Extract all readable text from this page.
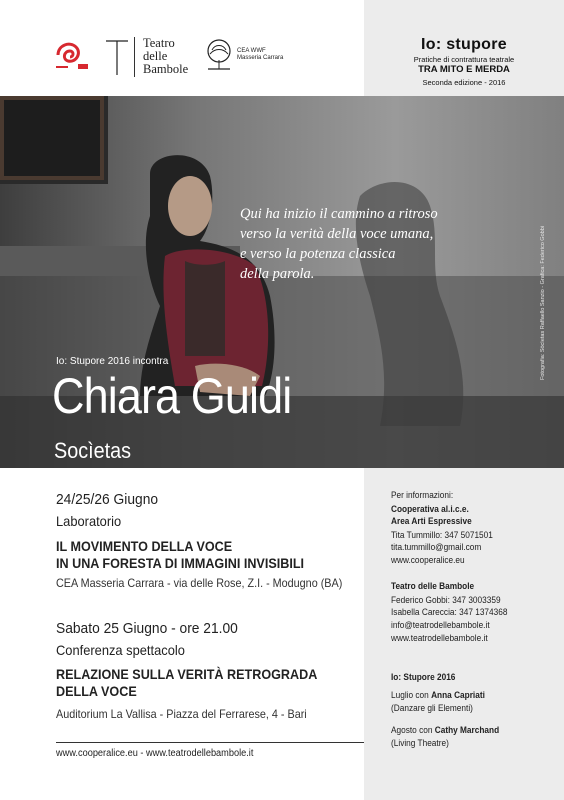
Teatro
delle
Bambole
CEA WWF
Masseria Carrara
Io: stupore
Pratiche di contrattura teatrale
TRA MITO E MERDA
Seconda edizione - 2016
Qui ha inizio il cammino a ritroso
verso la verità della voce umana,
e verso la potenza classica
della parola.
Io: Stupore 2016 incontra
Chiara Guidi
Socìetas
Fotografia: Sòcìetas Raffaello Sanzio - Grafica: Federico Gobbi
24/25/26 Giugno
Laboratorio
IL MOVIMENTO DELLA VOCE
IN UNA FORESTA DI IMMAGINI INVISIBILI
CEA Masseria Carrara - via delle Rose, Z.I. - Modugno (BA)
Sabato 25 Giugno - ore 21.00
Conferenza spettacolo
RELAZIONE SULLA VERITÀ RETROGRADA
DELLA VOCE
Auditorium La Vallisa - Piazza del Ferrarese, 4 - Bari
www.cooperalice.eu - www.teatrodellebambole.it
Per informazioni:
Cooperativa al.i.c.e.
Area Arti Espressive
Tita Tummillo: 347 5071501
tita.tummillo@gmail.com
www.cooperalice.eu
Teatro delle Bambole
Federico Gobbi: 347 3003359
Isabella Careccia: 347 1374368
info@teatrodellebambole.it
www.teatrodellebambole.it
Io: Stupore 2016
Luglio con Anna Capriati
(Danzare gli Elementi)
Agosto con Cathy Marchand
(Living Theatre)
